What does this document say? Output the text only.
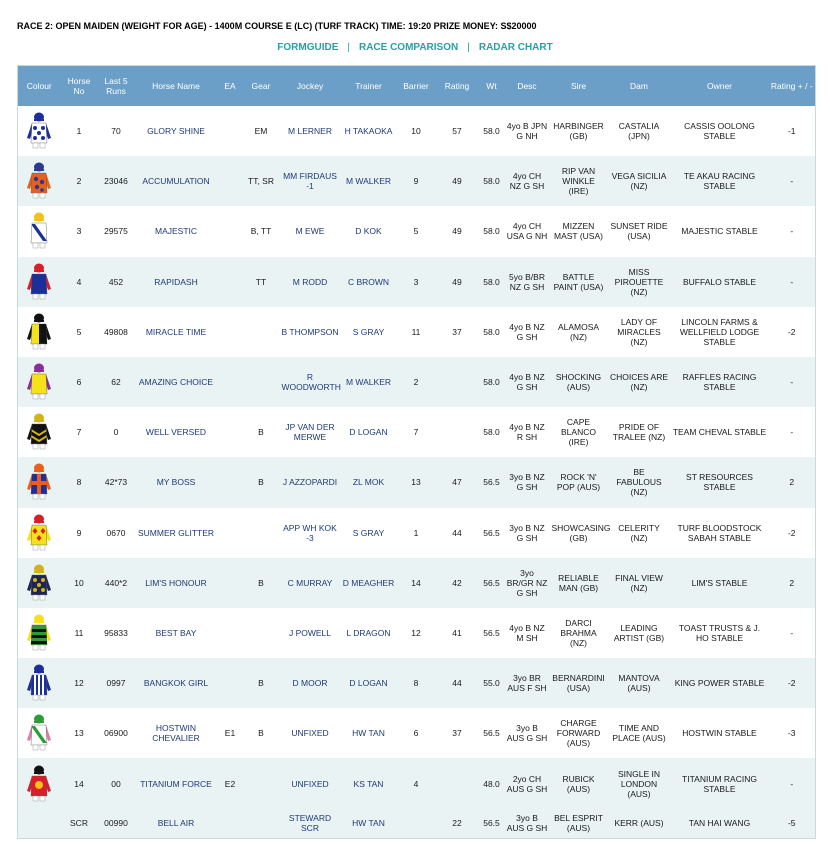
RACE 2: OPEN MAIDEN (WEIGHT FOR AGE) - 1400M COURSE E (LC) (TURF TRACK) TIME: 19:20 PRIZE MONEY: S$20000
FORMGUIDE | RACE COMPARISON | RADAR CHART
Colour	Horse No	Last 5 Runs	Horse Name	EA	Gear	Jockey	Trainer	Barrier	Rating	Wt	Desc	Sire	Dam	Owner	Rating + / -

	1	70	GLORY SHINE		EM	M LERNER	H TAKAOKA	10	57	58.0	4yo B JPN G NH	HARBINGER (GB)	CASTALIA (JPN)	CASSIS OOLONG STABLE	-1

	2	23046	ACCUMULATION		TT, SR	MM FIRDAUS -1	M WALKER	9	49	58.0	4yo CH NZ G SH	RIP VAN WINKLE (IRE)	VEGA SICILIA (NZ)	TE AKAU RACING STABLE	-

	3	29575	MAJESTIC		B, TT	M EWE	D KOK	5	49	58.0	4yo CH USA G NH	MIZZEN MAST (USA)	SUNSET RIDE (USA)	MAJESTIC STABLE	-

	4	452	RAPIDASH		TT	M RODD	C BROWN	3	49	58.0	5yo B/BR NZ G SH	BATTLE PAINT (USA)	MISS PIROUETTE (NZ)	BUFFALO STABLE	-

	5	49808	MIRACLE TIME			B THOMPSON	S GRAY	11	37	58.0	4yo B NZ G SH	ALAMOSA (NZ)	LADY OF MIRACLES (NZ)	LINCOLN FARMS & WELLFIELD LODGE STABLE	-2

	6	62	AMAZING CHOICE			R WOODWORTH	M WALKER	2		58.0	4yo B NZ G SH	SHOCKING (AUS)	CHOICES ARE (NZ)	RAFFLES RACING STABLE	-

	7	0	WELL VERSED		B	JP VAN DER MERWE	D LOGAN	7		58.0	4yo B NZ R SH	CAPE BLANCO (IRE)	PRIDE OF TRALEE (NZ)	TEAM CHEVAL STABLE	-

	8	42*73	MY BOSS		B	J AZZOPARDI	ZL MOK	13	47	56.5	3yo B NZ G SH	ROCK 'N' POP (AUS)	BE FABULOUS (NZ)	ST RESOURCES STABLE	2

	9	0670	SUMMER GLITTER			APP WH KOK -3	S GRAY	1	44	56.5	3yo B NZ G SH	SHOWCASING (GB)	CELERITY (NZ)	TURF BLOODSTOCK SABAH STABLE	-2

	10	440*2	LIM'S HONOUR		B	C MURRAY	D MEAGHER	14	42	56.5	3yo BR/GR NZ G SH	RELIABLE MAN (GB)	FINAL VIEW (NZ)	LIM'S STABLE	2

	11	95833	BEST BAY			J POWELL	L DRAGON	12	41	56.5	4yo B NZ M SH	DARCI BRAHMA (NZ)	LEADING ARTIST (GB)	TOAST TRUSTS & J. HO STABLE	-

	12	0997	BANGKOK GIRL		B	D MOOR	D LOGAN	8	44	55.0	3yo BR AUS F SH	BERNARDINI (USA)	MANTOVA (AUS)	KING POWER STABLE	-2

	13	06900	HOSTWIN CHEVALIER	E1	B	UNFIXED	HW TAN	6	37	56.5	3yo B AUS G SH	CHARGE FORWARD (AUS)	TIME AND PLACE (AUS)	HOSTWIN STABLE	-3

	14	00	TITANIUM FORCE	E2		UNFIXED	KS TAN	4		48.0	2yo CH AUS G SH	RUBICK (AUS)	SINGLE IN LONDON (AUS)	TITANIUM RACING STABLE	-
	SCR	00990	BELL AIR			STEWARD SCR	HW TAN		22	56.5	3yo B AUS G SH	BEL ESPRIT (AUS)	KERR (AUS)	TAN HAI WANG	-5
